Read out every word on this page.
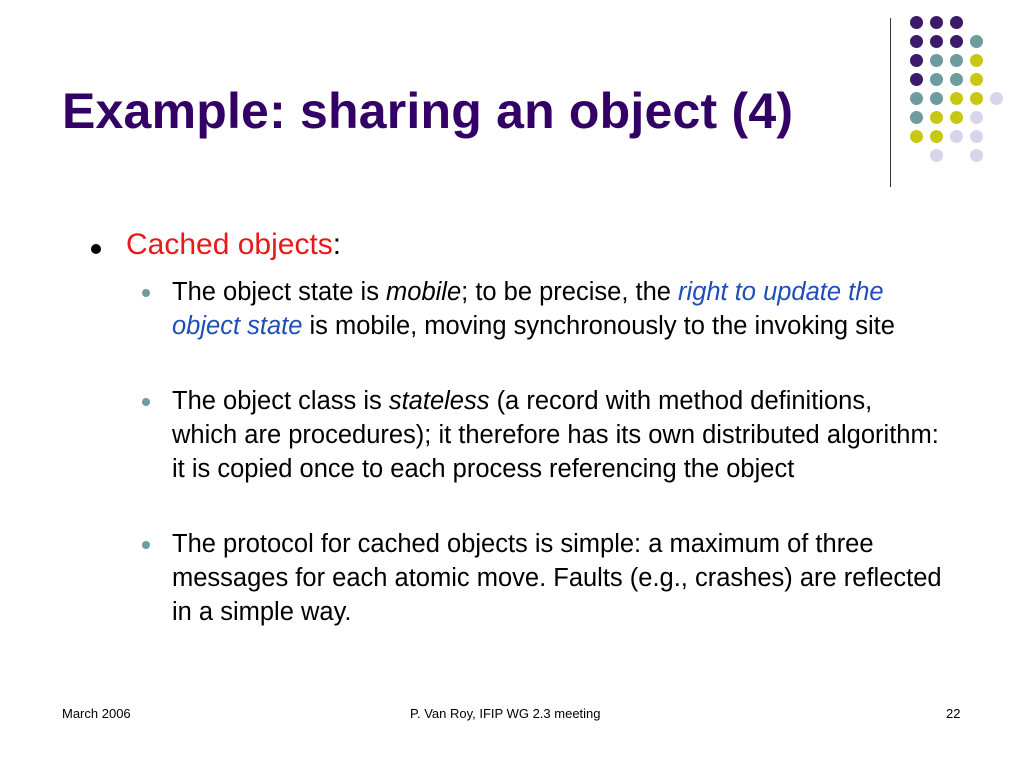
Example: sharing an object (4)
Cached objects:
The object state is mobile; to be precise, the right to update the object state is mobile, moving synchronously to the invoking site
The object class is stateless (a record with method definitions, which are procedures); it therefore has its own distributed algorithm: it is copied once to each process referencing the object
The protocol for cached objects is simple: a maximum of three messages for each atomic move. Faults (e.g., crashes) are reflected in a simple way.
March 2006	P. Van Roy, IFIP WG 2.3 meeting	22
